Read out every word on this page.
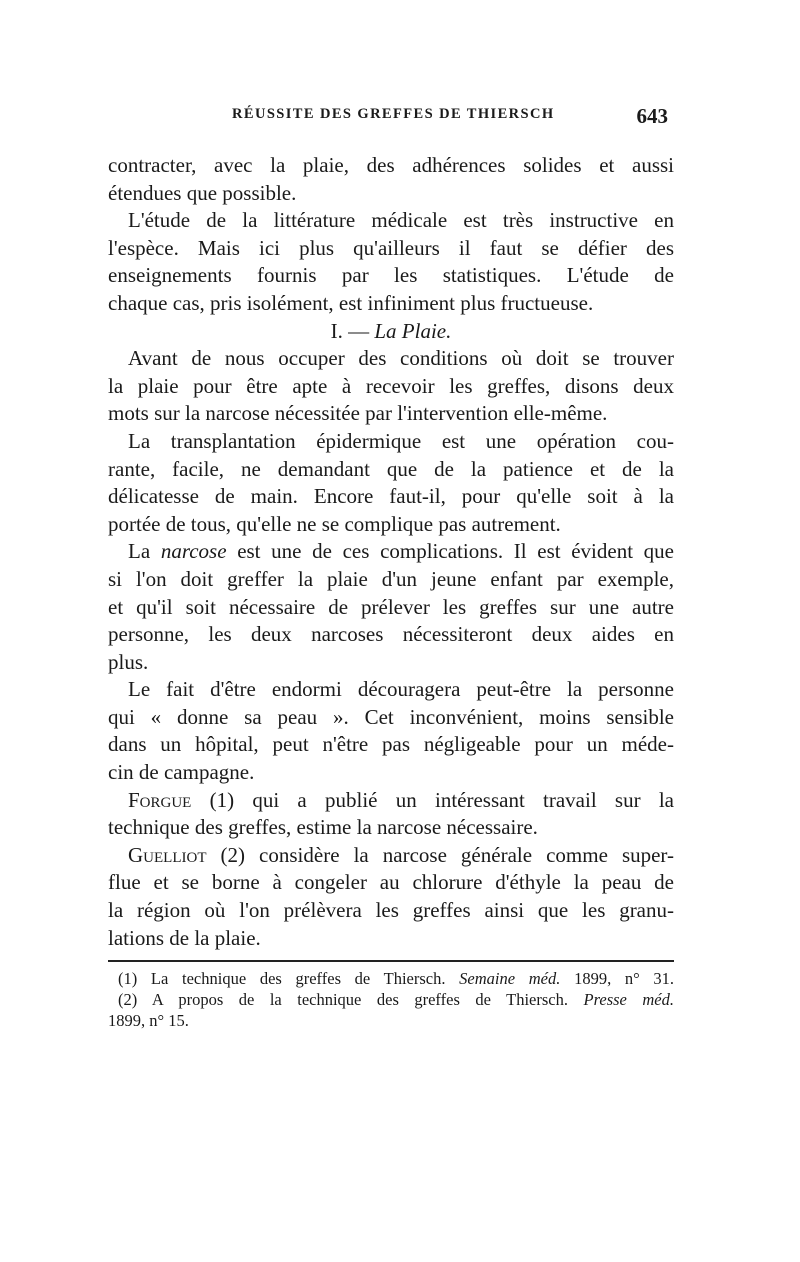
RÉUSSITE DES GREFFES DE THIERSCH	643
contracter, avec la plaie, des adhérences solides et aussi
étendues que possible.
L'étude de la littérature médicale est très instructive en
l'espèce. Mais ici plus qu'ailleurs il faut se défier des
enseignements fournis par les statistiques. L'étude de
chaque cas, pris isolément, est infiniment plus fructueuse.
I. — La Plaie.
Avant de nous occuper des conditions où doit se trouver
la plaie pour être apte à recevoir les greffes, disons deux
mots sur la narcose nécessitée par l'intervention elle-même.
La transplantation épidermique est une opération cou-
rante, facile, ne demandant que de la patience et de la
délicatesse de main. Encore faut-il, pour qu'elle soit à la
portée de tous, qu'elle ne se complique pas autrement.
La narcose est une de ces complications. Il est évident que
si l'on doit greffer la plaie d'un jeune enfant par exemple,
et qu'il soit nécessaire de prélever les greffes sur une autre
personne, les deux narcoses nécessiteront deux aides en
plus.
Le fait d'être endormi découragera peut-être la personne
qui « donne sa peau ». Cet inconvénient, moins sensible
dans un hôpital, peut n'être pas négligeable pour un méde-
cin de campagne.
Forgue (1) qui a publié un intéressant travail sur la
technique des greffes, estime la narcose nécessaire.
Guelliot (2) considère la narcose générale comme super-
flue et se borne à congeler au chlorure d'éthyle la peau de
la région où l'on prélèvera les greffes ainsi que les granu-
lations de la plaie.
(1) La technique des greffes de Thiersch. Semaine méd. 1899, n° 31.
(2) A propos de la technique des greffes de Thiersch. Presse méd.
1899, n° 15.
